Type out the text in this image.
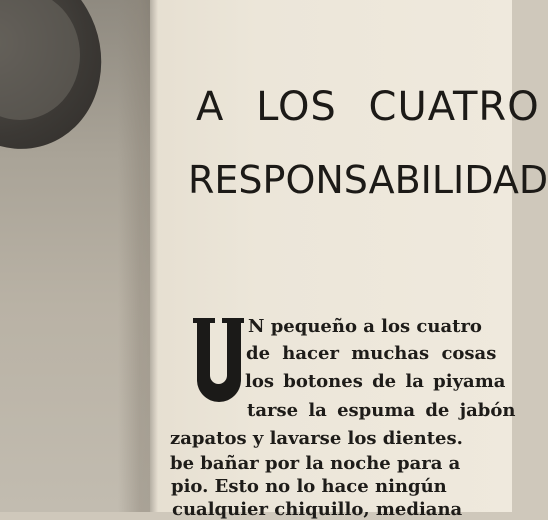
A LOS CUATRO
RESPONSABILIDAD
N pequeño a los cuatro
de hacer muchas cosas
los botones de la piyama
tarse la espuma de jabón
zapatos y lavarse los dientes.
be bañar por la noche para a
pio. Esto no lo hace ningún
cualquier chiquillo, mediana
